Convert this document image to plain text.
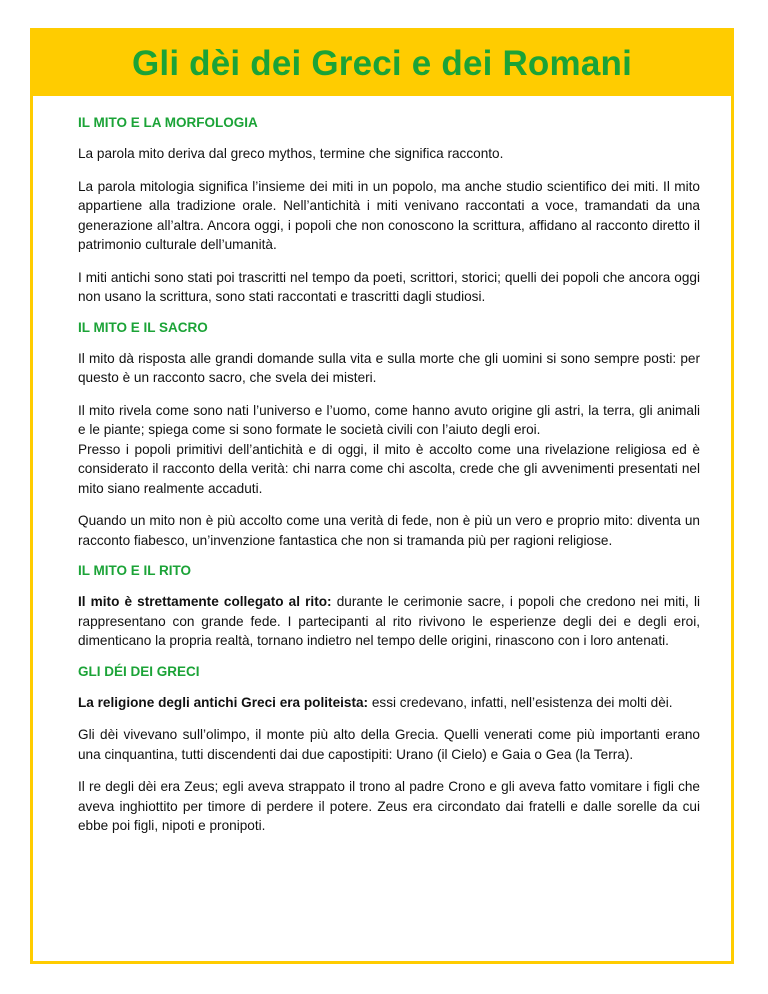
Gli dèi dei Greci e dei Romani
IL MITO E LA MORFOLOGIA

La parola mito deriva dal greco mythos, termine che significa racconto.

La parola mitologia significa l’insieme dei miti in un popolo, ma anche studio scientifico dei miti. Il mito appartiene alla tradizione orale. Nell’antichità i miti venivano raccontati a voce, tramandati da una generazione all’altra. Ancora oggi, i popoli che non conoscono la scrittura, affidano al racconto diretto il patrimonio culturale dell’umanità.

I miti antichi sono stati poi trascritti nel tempo da poeti, scrittori, storici; quelli dei popoli che ancora oggi non usano la scrittura, sono stati raccontati e trascritti dagli studiosi.

IL MITO E IL SACRO

Il mito dà risposta alle grandi domande sulla vita e sulla morte che gli uomini si sono sempre posti: per questo è un racconto sacro, che svela dei misteri.

Il mito rivela come sono nati l’universo e l’uomo, come hanno avuto origine gli astri, la terra, gli animali e le piante; spiega come si sono formate le società civili con l’aiuto degli eroi.

Presso i popoli primitivi dell’antichità e di oggi, il mito è accolto come una rivelazione religiosa ed è considerato il racconto della verità: chi narra come chi ascolta, crede che gli avvenimenti presentati nel mito siano realmente accaduti.

Quando un mito non è più accolto come una verità di fede, non è più un vero e proprio mito: diventa un racconto fiabesco, un’invenzione fantastica che non si tramanda più per ragioni religiose.

IL MITO E IL RITO

Il mito è strettamente collegato al rito: durante le cerimonie sacre, i popoli che credono nei miti, li rappresentano con grande fede. I partecipanti al rito rivivono le esperienze degli dei e degli eroi, dimenticano la propria realtà, tornano indietro nel tempo delle origini, rinascono con i loro antenati.

GLI DÉI DEI GRECI

La religione degli antichi Greci era politeista: essi credevano, infatti, nell’esistenza dei molti dèi.

Gli dèi vivevano sull’olimpo, il monte più alto della Grecia. Quelli venerati come più importanti erano una cinquantina, tutti discendenti dai due capostipiti: Urano (il Cielo) e Gaia o Gea (la Terra).

Il re degli dèi era Zeus; egli aveva strappato il trono al padre Crono e gli aveva fatto vomitare i figli che aveva inghiottito per timore di perdere il potere. Zeus era circondato dai fratelli e dalle sorelle da cui ebbe poi figli, nipoti e pronipoti.
